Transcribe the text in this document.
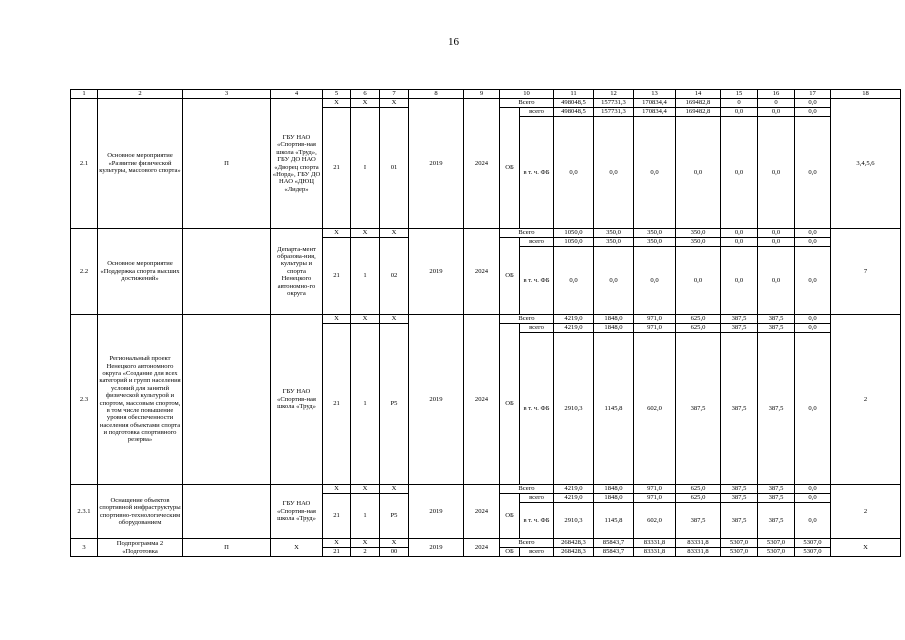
16
1	2	3	4	5	6	7	8	9	10		11	12	13	14	15	16	17	18
2.1	Основное мероприятие «Развитие физической культуры, массового спорта»	П	ГБУ НАО «Спортив-ная школа «Труд», ГБУ ДО НАО «Дворец спорта «Норд», ГБУ ДО НАО «ДЮЦ «Лидер»	X	X	X	2019	2024	Всего		498048,5	157731,3	170834,4	169482,8	0	0	0,0	3,4,5,6
				21	I	01			ОБ	всего	498048,5	157731,3	170834,4	169482,8	0,0	0,0	0,0	
										в т. ч. ФБ	0,0	0,0	0,0	0,0	0,0	0,0	0,0	
2.2	Основное мероприятие «Поддержка спорта высших достижений»		Департа-мент образова-ния, культуры и спорта Ненецкого автономно-го округа	X	X	X	2019	2024	Всего		1050,0	350,0	350,0	350,0	0,0	0,0	0,0	7
				21	1	02			ОБ	всего	1050,0	350,0	350,0	350,0	0,0	0,0	0,0	
										в т. ч. ФБ	0,0	0,0	0,0	0,0	0,0	0,0	0,0	
2.3	Региональный проект Ненецкого автономного округа «Создание для всех категорий и групп населения условий для занятий физической культурой и спортом, массовым спортом, в том числе повышение уровня обеспеченности населения объектами спорта и подготовка спортивного резерва»		ГБУ НАО «Спортив-ная школа «Труд»	X	X	X	2019	2024	Всего		4219,0	1848,0	971,0	625,0	387,5	387,5	0,0	2
				21	1	P5			ОБ	всего	4219,0	1848,0	971,0	625,0	387,5	387,5	0,0	
										в т. ч. ФБ	2910,3	1145,8	602,0	387,5	387,5	387,5	0,0	
2.3.1	Оснащение объектов спортивной инфраструктуры спортивно-технологическим оборудованием		ГБУ НАО «Спортив-ная школа «Труд»	X	X	X	2019	2024	Всего		4219,0	1848,0	971,0	625,0	387,5	387,5	0,0	2
				21	1	P5			ОБ	всего	4219,0	1848,0	971,0	625,0	387,5	387,5	0,0	
										в т. ч. ФБ	2910,3	1145,8	602,0	387,5	387,5	387,5	0,0	
3	Подпрограмма 2 «Подготовка	П	Х	X	X	X	2019	2024	Всего		268428,3	85843,7	83331,8	83331,8	5307,0	5307,0	5307,0	Х
				21	2	00			ОБ	всего	268428,3	85843,7	83331,8	83331,8	5307,0	5307,0	5307,0	
